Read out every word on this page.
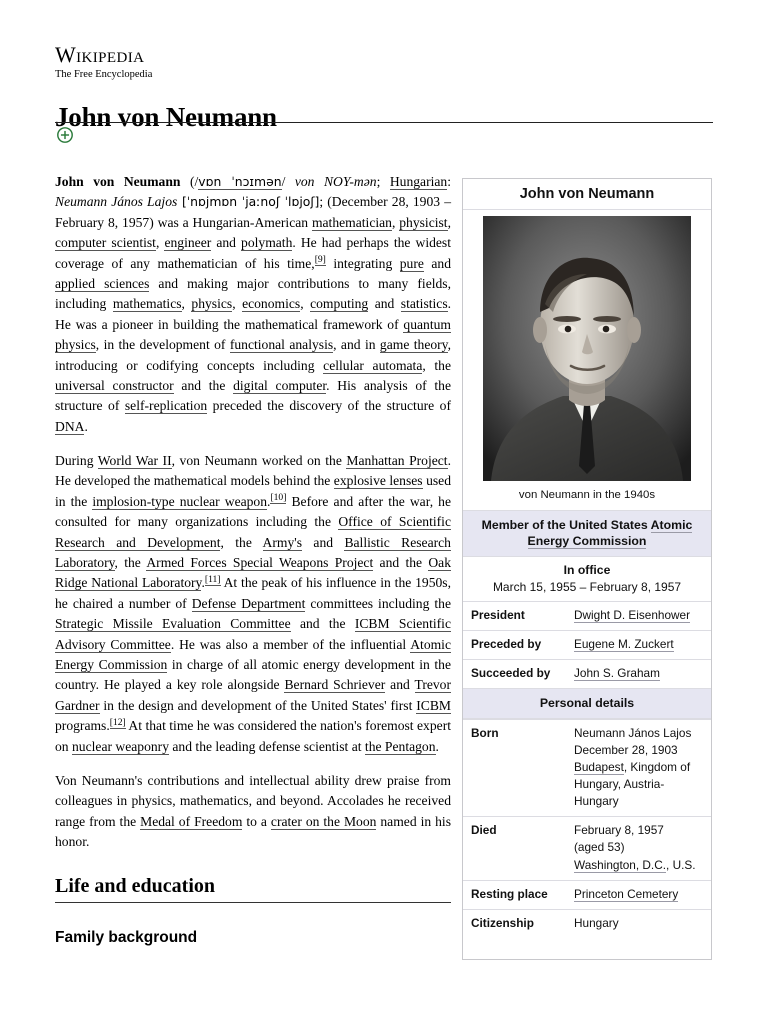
Wikipedia
The Free Encyclopedia
John von Neumann

John von Neumann (/vɒn ˈnɔɪmən/ von NOY-mən; Hungarian: Neumann János Lajos [ˈnɒjmɒn ˈjaːnoʃ ˈlɒjoʃ]; (December 28, 1903 – February 8, 1957) was a Hungarian-American mathematician, physicist, computer scientist, engineer and polymath. He had perhaps the widest coverage of any mathematician of his time,[9] integrating pure and applied sciences and making major contributions to many fields, including mathematics, physics, economics, computing and statistics. He was a pioneer in building the mathematical framework of quantum physics, in the development of functional analysis, and in game theory, introducing or codifying concepts including cellular automata, the universal constructor and the digital computer. His analysis of the structure of self-replication preceded the discovery of the structure of DNA.

During World War II, von Neumann worked on the Manhattan Project. He developed the mathematical models behind the explosive lenses used in the implosion-type nuclear weapon.[10] Before and after the war, he consulted for many organizations including the Office of Scientific Research and Development, the Army's and Ballistic Research Laboratory, the Armed Forces Special Weapons Project and the Oak Ridge National Laboratory.[11] At the peak of his influence in the 1950s, he chaired a number of Defense Department committees including the Strategic Missile Evaluation Committee and the ICBM Scientific Advisory Committee. He was also a member of the influential Atomic Energy Commission in charge of all atomic energy development in the country. He played a key role alongside Bernard Schriever and Trevor Gardner in the design and development of the United States' first ICBM programs.[12] At that time he was considered the nation's foremost expert on nuclear weaponry and the leading defense scientist at the Pentagon.

Von Neumann's contributions and intellectual ability drew praise from colleagues in physics, mathematics, and beyond. Accolades he received range from the Medal of Freedom to a crater on the Moon named in his honor.

Life and education
Family background
John von Neumann
von Neumann in the 1940s
Member of the United States Atomic Energy Commission
In office
March 15, 1955 – February 8, 1957
President	Dwight D. Eisenhower
Preceded by	Eugene M. Zuckert
Succeeded by	John S. Graham
Personal details
Born	Neumann János Lajos
December 28, 1903
Budapest, Kingdom of Hungary, Austria-Hungary
Died	February 8, 1957
(aged 53)
Washington, D.C., U.S.
Resting place	Princeton Cemetery
Citizenship	Hungary
